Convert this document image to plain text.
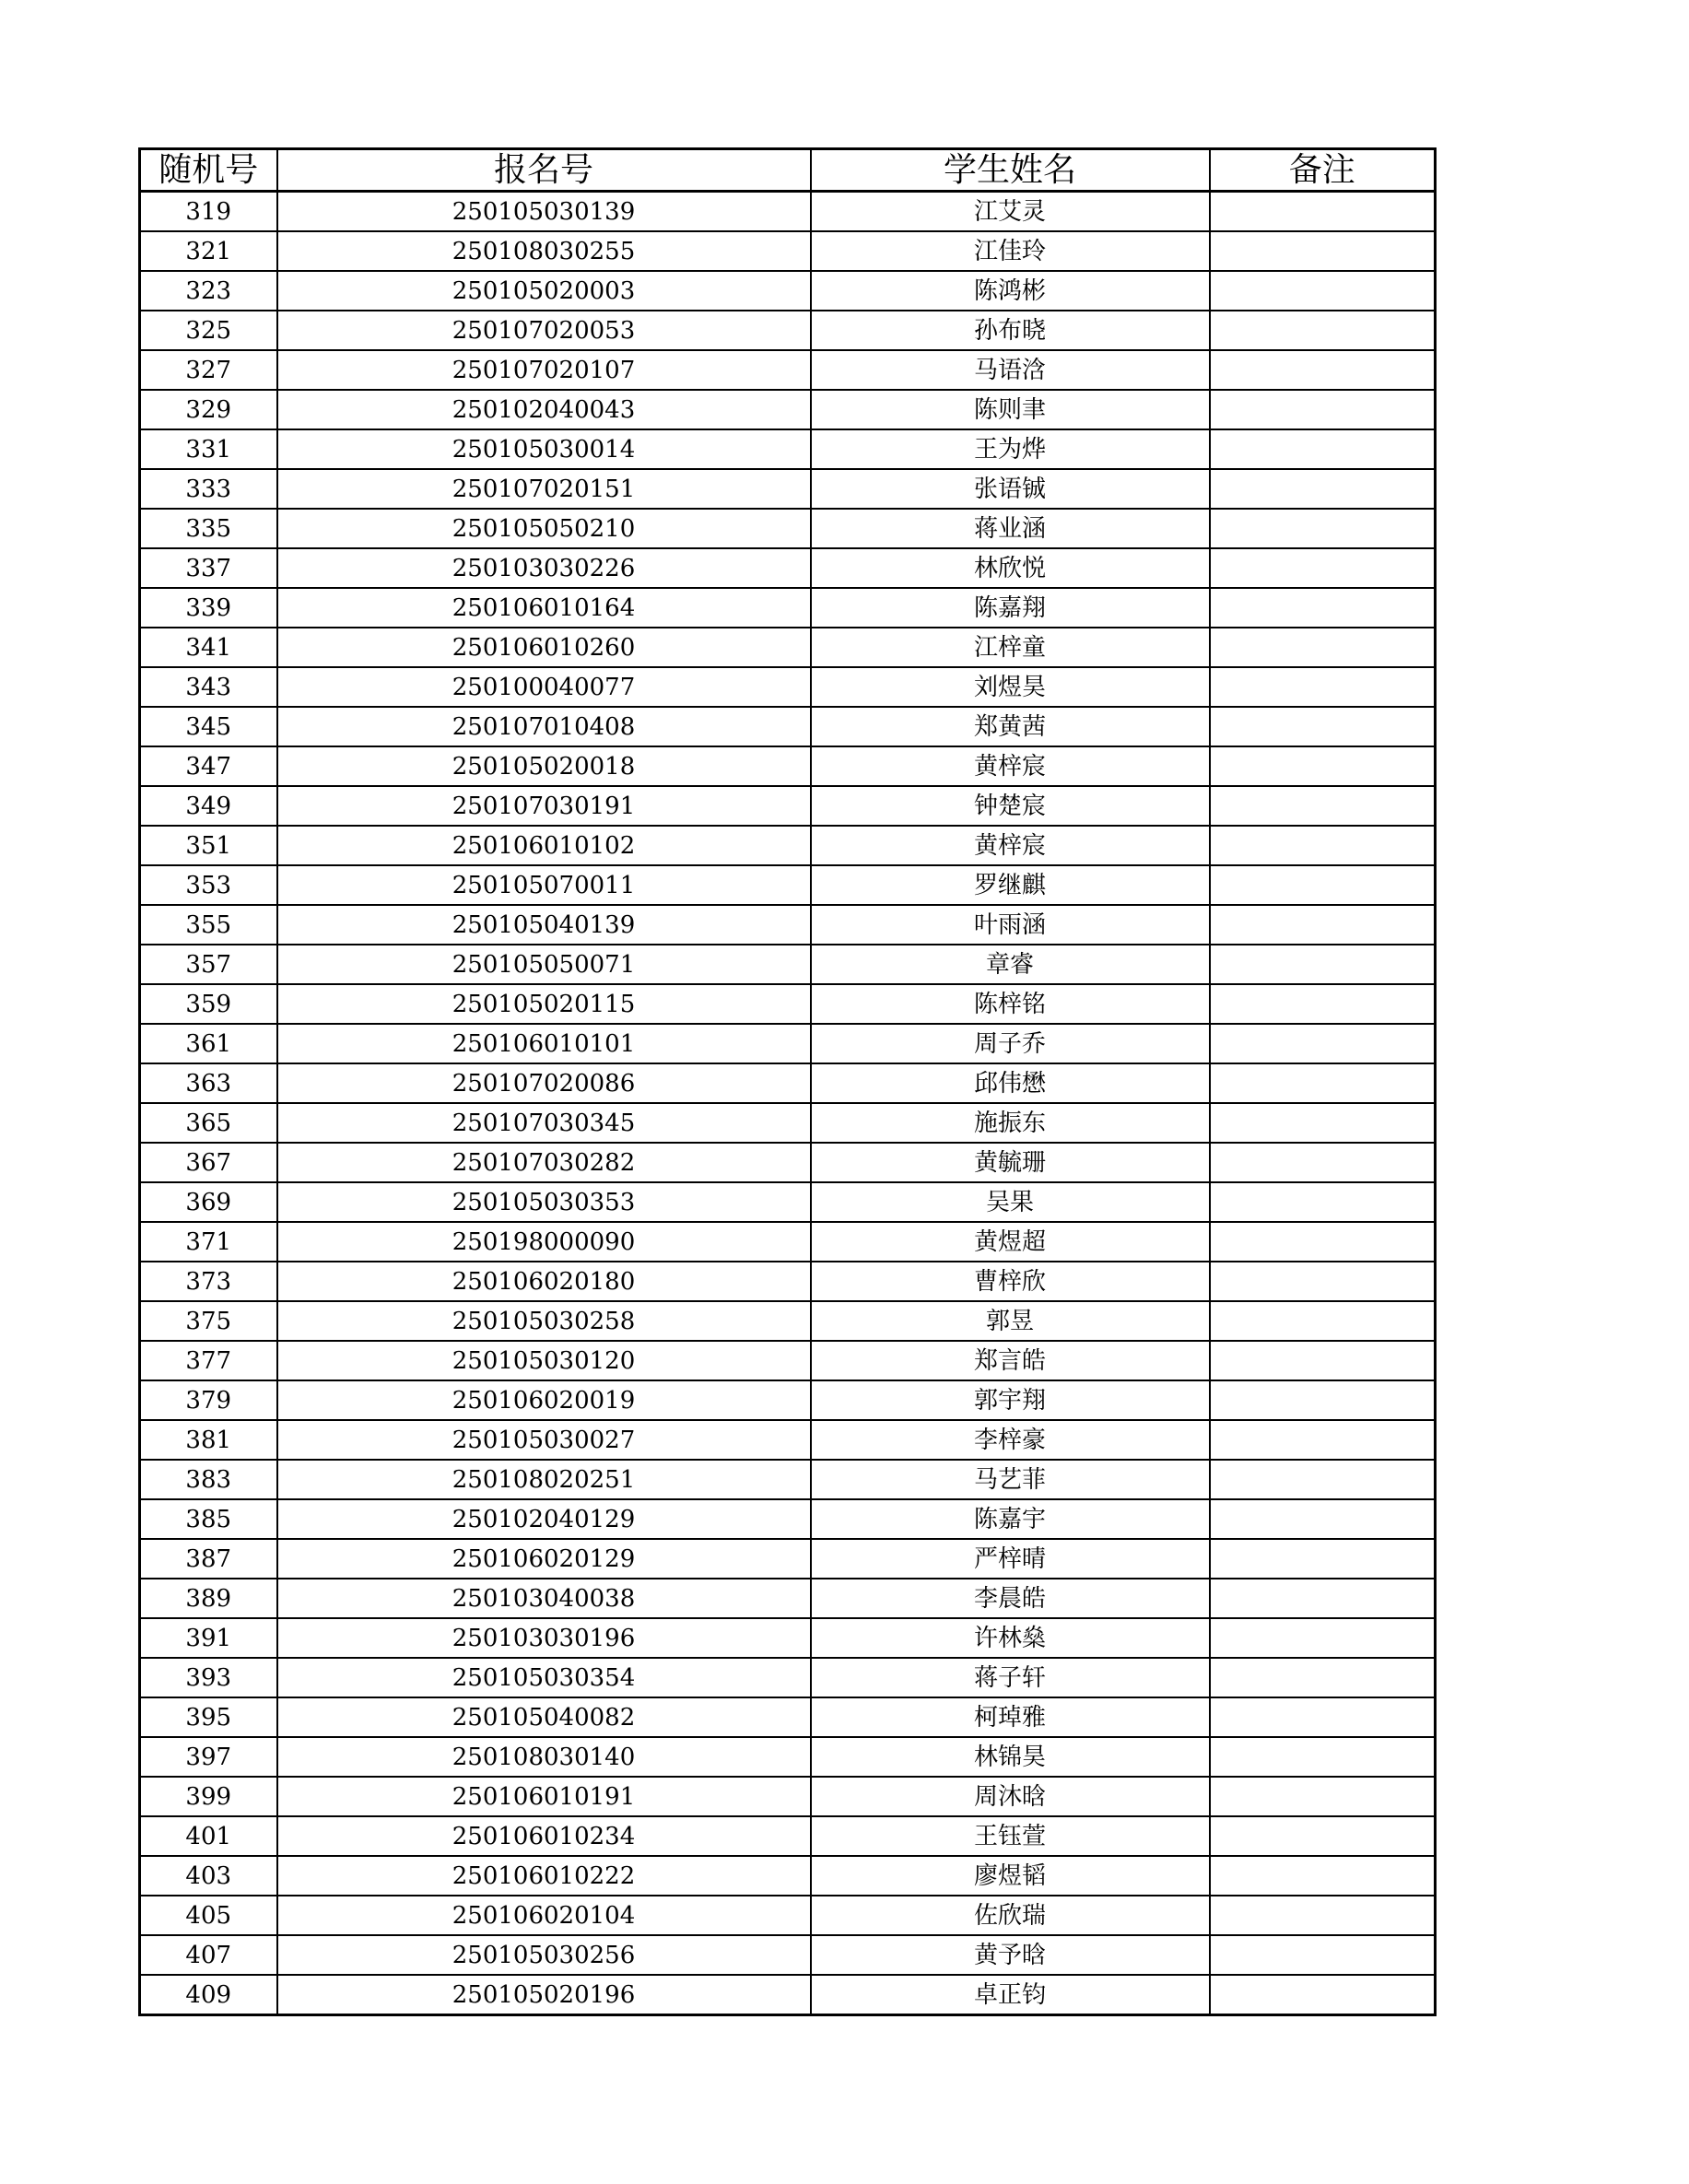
随机号	报名号	学生姓名	备注
319	250105030139	江艾灵	
321	250108030255	江佳玲	
323	250105020003	陈鸿彬	
325	250107020053	孙布晓	
327	250107020107	马语浛	
329	250102040043	陈则聿	
331	250105030014	王为烨	
333	250107020151	张语铖	
335	250105050210	蒋业涵	
337	250103030226	林欣悦	
339	250106010164	陈嘉翔	
341	250106010260	江梓童	
343	250100040077	刘煜昊	
345	250107010408	郑黄茜	
347	250105020018	黄梓宸	
349	250107030191	钟楚宸	
351	250106010102	黄梓宸	
353	250105070011	罗继麒	
355	250105040139	叶雨涵	
357	250105050071	章睿	
359	250105020115	陈梓铭	
361	250106010101	周子乔	
363	250107020086	邱伟懋	
365	250107030345	施振东	
367	250107030282	黄毓珊	
369	250105030353	吴果	
371	250198000090	黄煜超	
373	250106020180	曹梓欣	
375	250105030258	郭昱	
377	250105030120	郑言皓	
379	250106020019	郭宇翔	
381	250105030027	李梓豪	
383	250108020251	马艺菲	
385	250102040129	陈嘉宇	
387	250106020129	严梓晴	
389	250103040038	李晨皓	
391	250103030196	许林燊	
393	250105030354	蒋子轩	
395	250105040082	柯琸雅	
397	250108030140	林锦昊	
399	250106010191	周沐晗	
401	250106010234	王钰萱	
403	250106010222	廖煜韬	
405	250106020104	佐欣瑞	
407	250105030256	黄予晗	
409	250105020196	卓正钧	
